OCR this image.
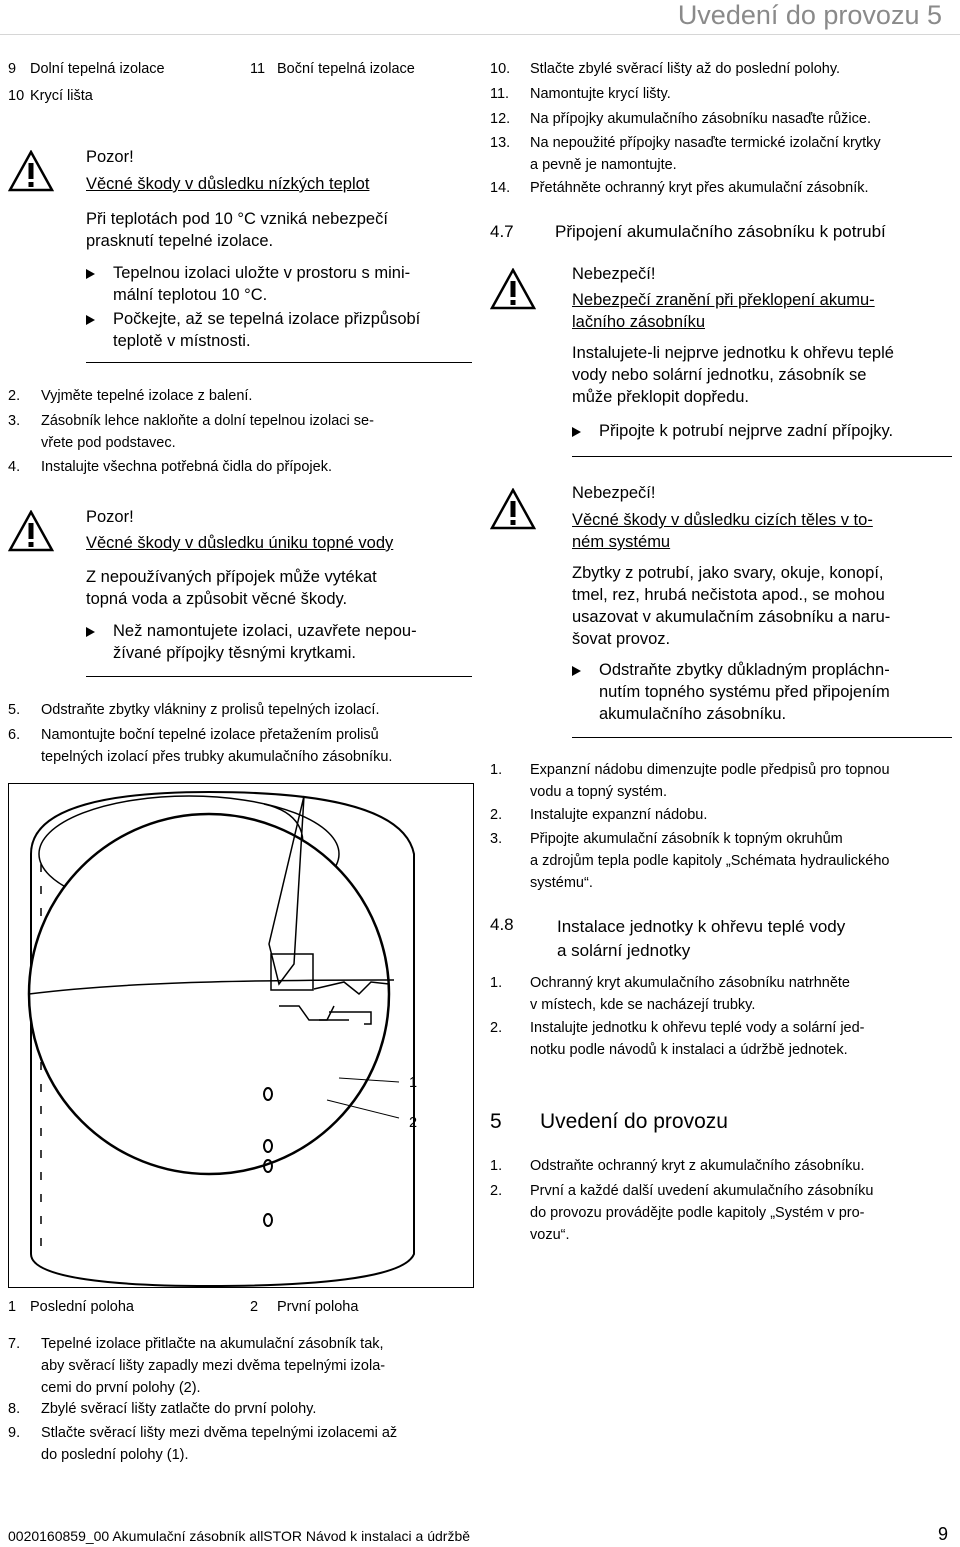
Uvedení do provozu 5
9 Dolní tepelná izolace	11 Boční tepelná izolace
10 Krycí lišta
Pozor!
Věcné škody v důsledku nízkých teplot
Při teplotách pod 10 °C vzniká nebezpečí
prasknutí tepelné izolace.
Tepelnou izolaci uložte v prostoru s mini-
mální teplotou 10 °C.
Počkejte, až se tepelná izolace přizpůsobí
teplotě v místnosti.
2. Vyjměte tepelné izolace z balení.
3. Zásobník lehce nakloňte a dolní tepelnou izolaci se-
vřete pod podstavec.
4. Instalujte všechna potřebná čidla do přípojek.
Pozor!
Věcné škody v důsledku úniku topné vody
Z nepoužívaných přípojek může vytékat
topná voda a způsobit věcné škody.
Než namontujete izolaci, uzavřete nepou-
žívané přípojky těsnými krytkami.
5. Odstraňte zbytky vlákniny z prolisů tepelných izolací.
6. Namontujte boční tepelné izolace přetažením prolisů
tepelných izolací přes trubky akumulačního zásobníku.
1
2
1 Poslední poloha	2 První poloha
7. Tepelné izolace přitlačte na akumulační zásobník tak,
aby svěrací lišty zapadly mezi dvěma tepelnými izola-
cemi do první polohy (2).
8. Zbylé svěrací lišty zatlačte do první polohy.
9. Stlačte svěrací lišty mezi dvěma tepelnými izolacemi až
do poslední polohy (1).
10. Stlačte zbylé svěrací lišty až do poslední polohy.
11. Namontujte krycí lišty.
12. Na přípojky akumulačního zásobníku nasaďte růžice.
13. Na nepoužité přípojky nasaďte termické izolační krytky
a pevně je namontujte.
14. Přetáhněte ochranný kryt přes akumulační zásobník.
4.7 Připojení akumulačního zásobníku k potrubí
Nebezpečí!
Nebezpečí zranění při překlopení akumu-
lačního zásobníku
Instalujete-li nejprve jednotku k ohřevu teplé
vody nebo solární jednotku, zásobník se
může překlopit dopředu.
Připojte k potrubí nejprve zadní přípojky.
Nebezpečí!
Věcné škody v důsledku cizích těles v to-
ném systému
Zbytky z potrubí, jako svary, okuje, konopí,
tmel, rez, hrubá nečistota apod., se mohou
usazovat v akumulačním zásobníku a naru-
šovat provoz.
Odstraňte zbytky důkladným propláchn-
nutím topného systému před připojením
akumulačního zásobníku.
1. Expanzní nádobu dimenzujte podle předpisů pro topnou
vodu a topný systém.
2. Instalujte expanzní nádobu.
3. Připojte akumulační zásobník k topným okruhům
a zdrojům tepla podle kapitoly „Schémata hydraulického
systému“.
4.8	Instalace jednotky k ohřevu teplé vody
a solární jednotky
1. Ochranný kryt akumulačního zásobníku natrhněte
v místech, kde se nacházejí trubky.
2. Instalujte jednotku k ohřevu teplé vody a solární jed-
notku podle návodů k instalaci a údržbě jednotek.
5 Uvedení do provozu
1. Odstraňte ochranný kryt z akumulačního zásobníku.
2. První a každé další uvedení akumulačního zásobníku
do provozu provádějte podle kapitoly „Systém v pro-
vozu“.
0020160859_00 Akumulační zásobník allSTOR Návod k instalaci a údržbě	9
